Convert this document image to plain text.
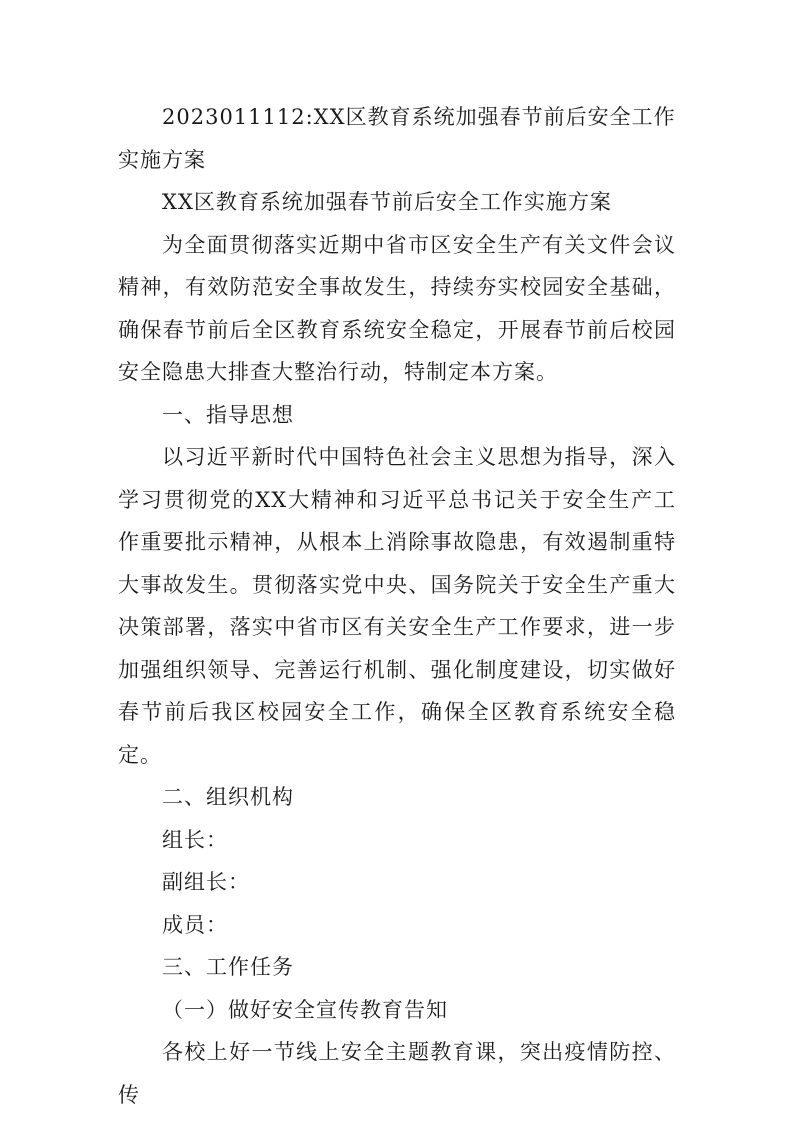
2023011112:XX区教育系统加强春节前后安全工作实施方案

XX区教育系统加强春节前后安全工作实施方案

为全面贯彻落实近期中省市区安全生产有关文件会议精神，有效防范安全事故发生，持续夯实校园安全基础，确保春节前后全区教育系统安全稳定，开展春节前后校园安全隐患大排查大整治行动，特制定本方案。

一、指导思想

以习近平新时代中国特色社会主义思想为指导，深入学习贯彻党的XX大精神和习近平总书记关于安全生产工作重要批示精神，从根本上消除事故隐患，有效遏制重特大事故发生。贯彻落实党中央、国务院关于安全生产重大决策部署，落实中省市区有关安全生产工作要求，进一步加强组织领导、完善运行机制、强化制度建设，切实做好春节前后我区校园安全工作，确保全区教育系统安全稳定。

二、组织机构

组长：

副组长：

成员：

三、工作任务

（一）做好安全宣传教育告知

各校上好一节线上安全主题教育课，突出疫情防控、传
